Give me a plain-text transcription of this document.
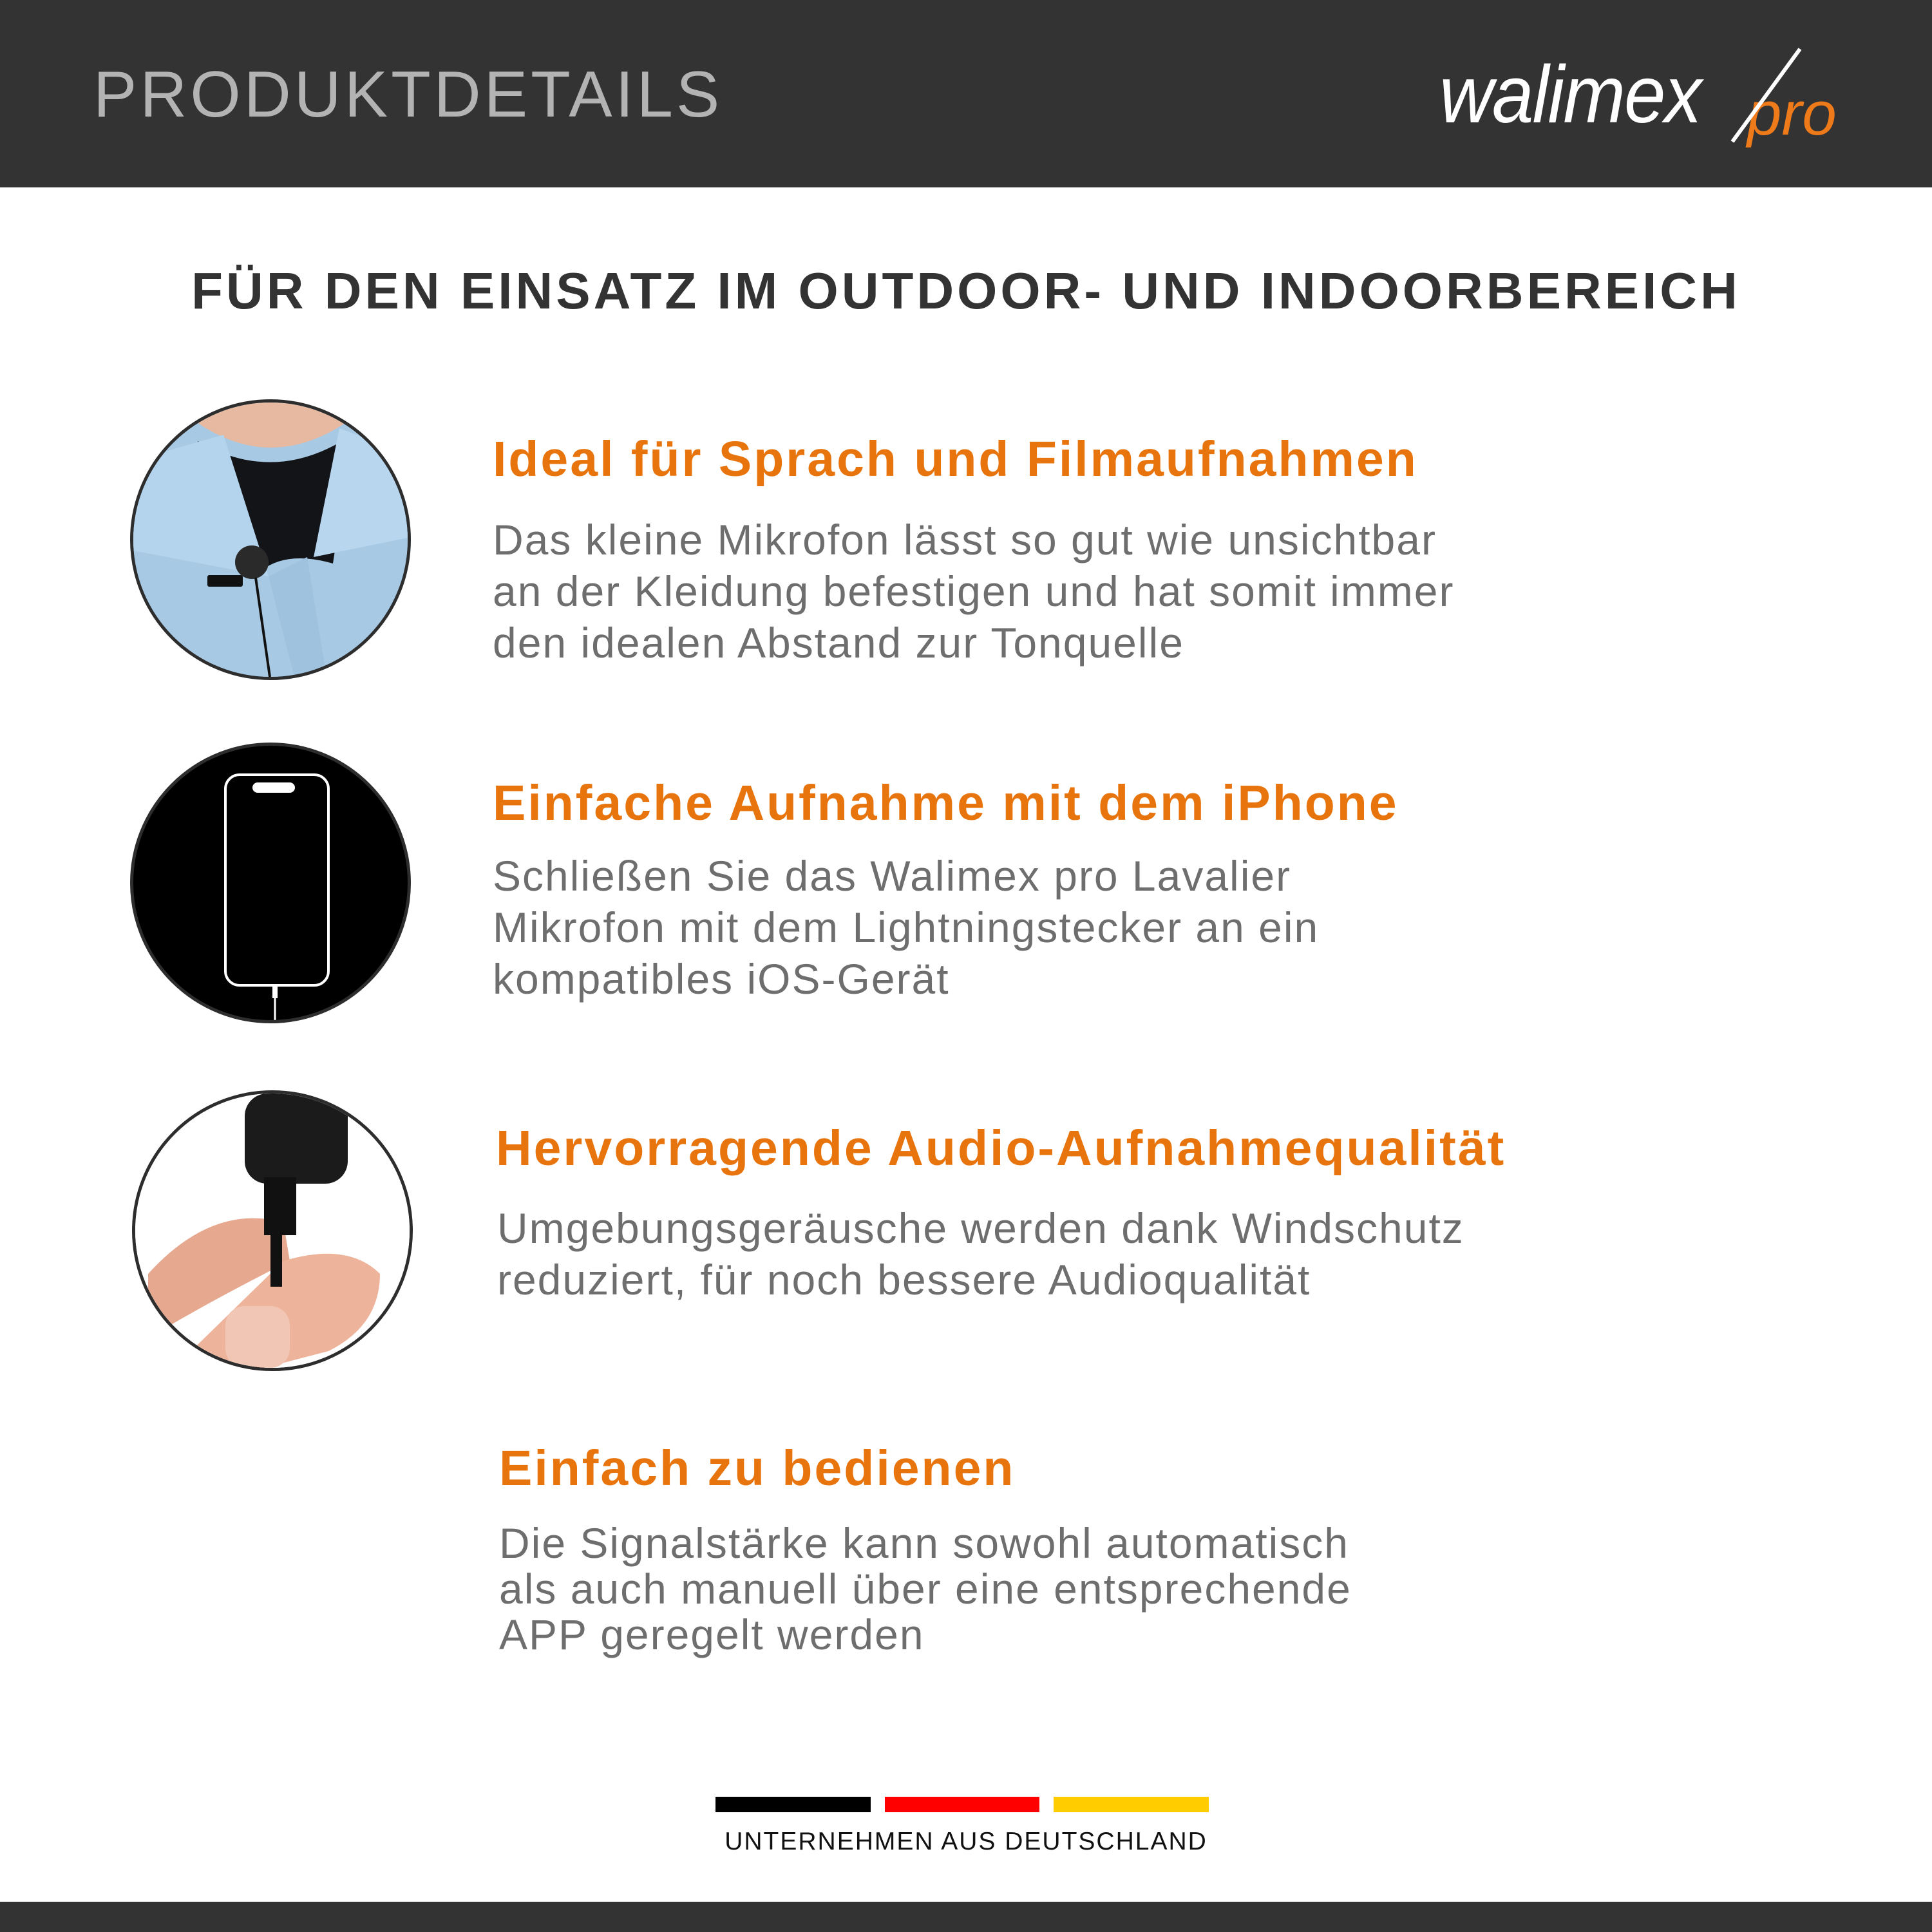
PRODUKTDETAILS	walimex pro
FÜR DEN EINSATZ IM OUTDOOR- UND INDOORBEREICH
Ideal für Sprach und Filmaufnahmen
Das kleine Mikrofon lässt so gut wie unsichtbar
an der Kleidung befestigen und hat somit immer
den idealen Abstand zur Tonquelle
Einfache Aufnahme mit dem iPhone
Schließen Sie das Walimex pro Lavalier
Mikrofon mit dem Lightningstecker an ein
kompatibles iOS-Gerät
Hervorragende Audio-Aufnahmequalität
Umgebungsgeräusche werden dank Windschutz
reduziert, für noch bessere Audioqualität
Einfach zu bedienen
Die Signalstärke kann sowohl automatisch
als auch manuell über eine entsprechende
APP geregelt werden
UNTERNEHMEN AUS DEUTSCHLAND
